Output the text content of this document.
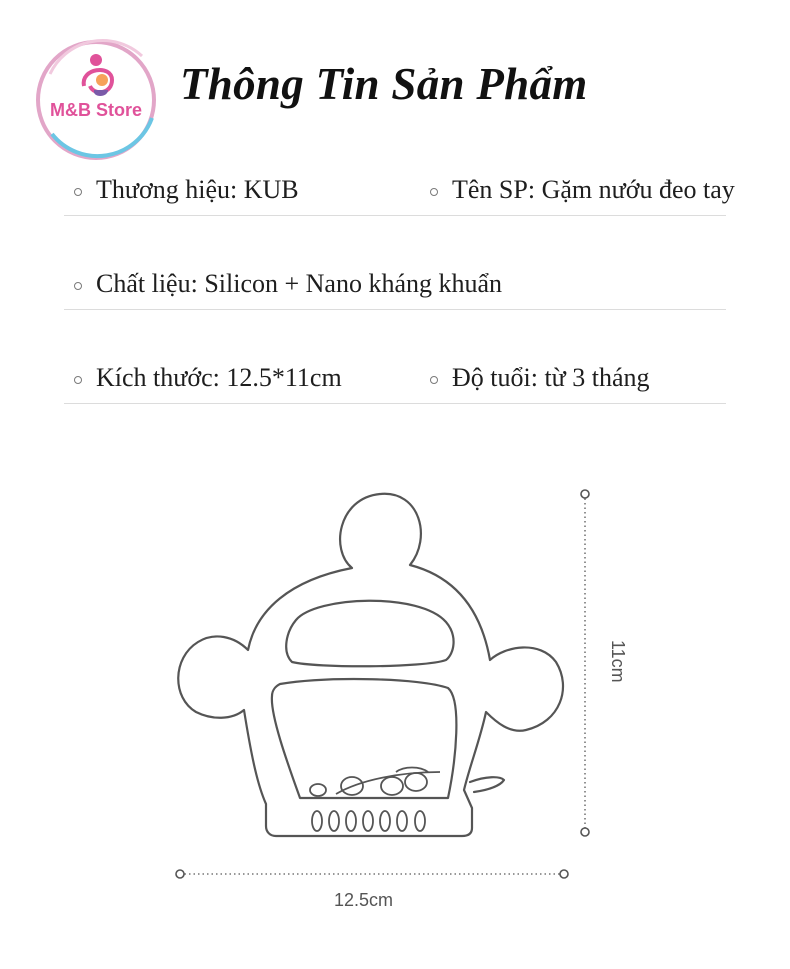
M&B Store
Thông Tin Sản Phẩm
Thương hiệu: KUB	Tên SP: Gặm nướu đeo tay
Chất liệu: Silicon + Nano kháng khuẩn
Kích thước: 12.5*11cm	Độ tuổi: từ 3 tháng
12.5cm
11cm
